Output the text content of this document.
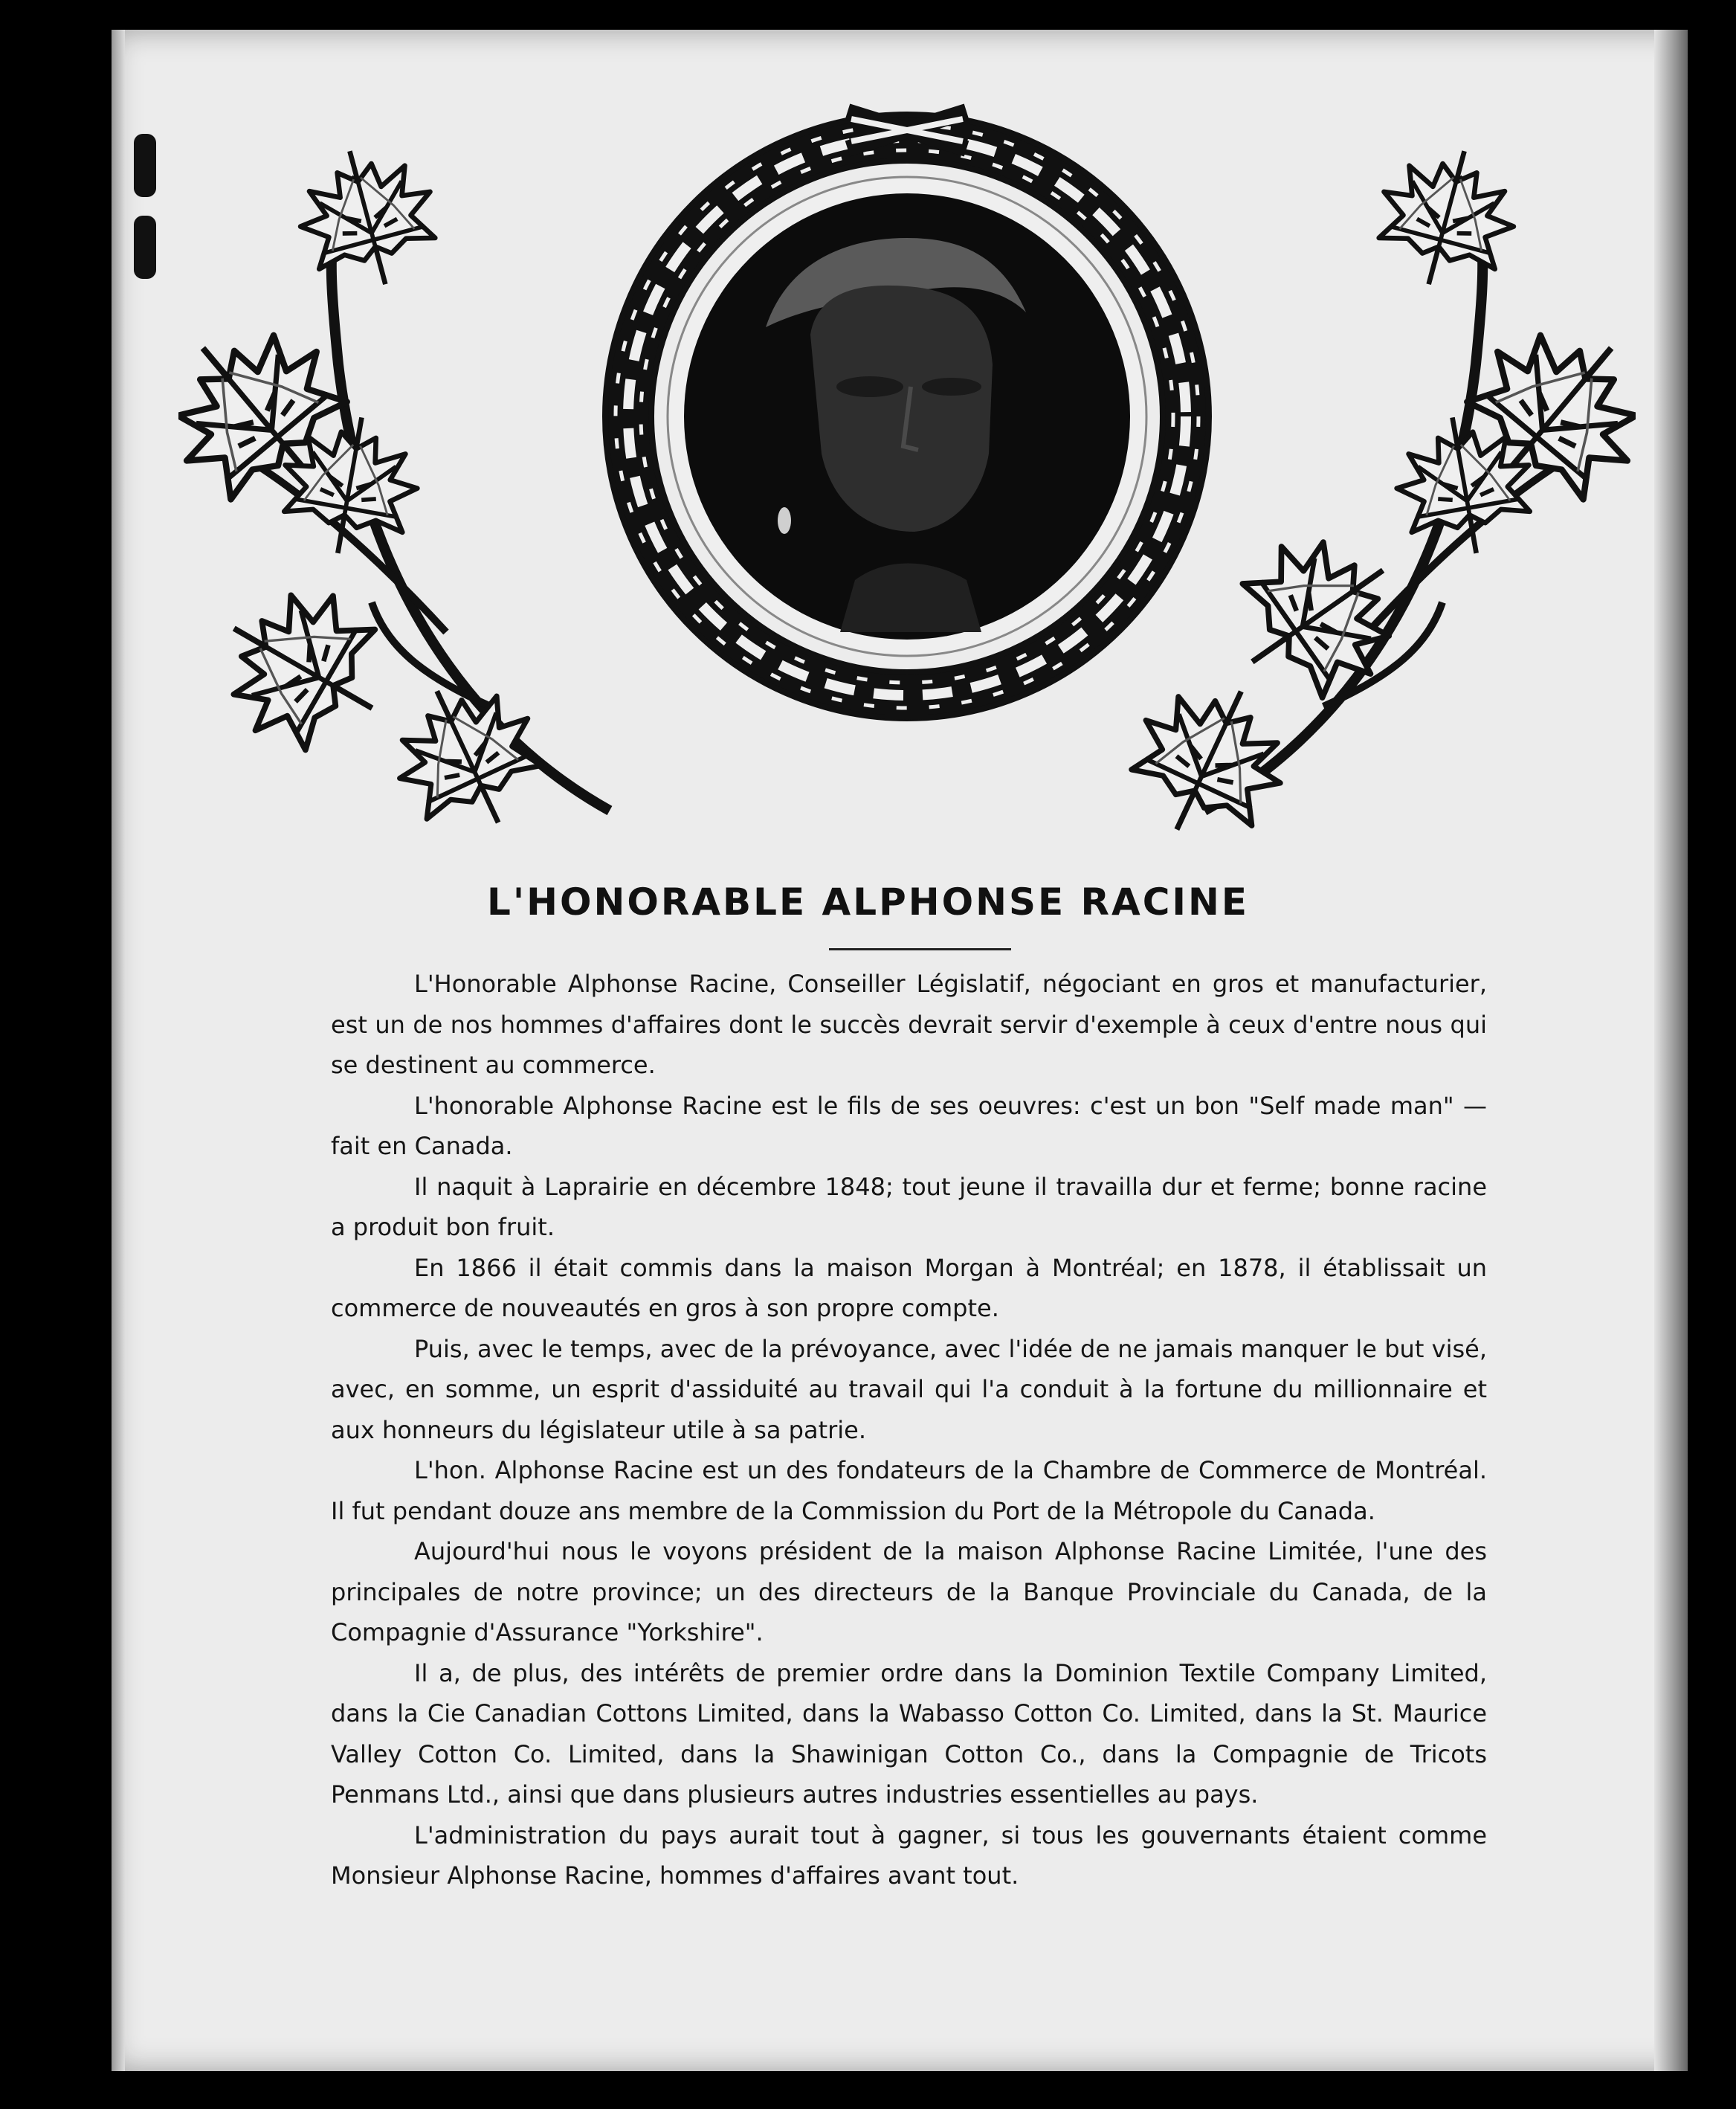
L'HONORABLE ALPHONSE RACINE

L'Honorable Alphonse Racine, Conseiller Législatif, négociant en gros et manufacturier, est un de nos hommes d'affaires dont le succès devrait servir d'exemple à ceux d'entre nous qui se destinent au commerce.

L'honorable Alphonse Racine est le fils de ses oeuvres: c'est un bon "Self made man" — fait en Canada.

Il naquit à Laprairie en décembre 1848; tout jeune il travailla dur et ferme; bonne racine a produit bon fruit.

En 1866 il était commis dans la maison Morgan à Montréal; en 1878, il établissait un commerce de nouveautés en gros à son propre compte.

Puis, avec le temps, avec de la prévoyance, avec l'idée de ne jamais manquer le but visé, avec, en somme, un esprit d'assiduité au travail qui l'a conduit à la fortune du millionnaire et aux honneurs du législateur utile à sa patrie.

L'hon. Alphonse Racine est un des fondateurs de la Chambre de Commerce de Montréal. Il fut pendant douze ans membre de la Commission du Port de la Métropole du Canada.

Aujourd'hui nous le voyons président de la maison Alphonse Racine Limitée, l'une des principales de notre province; un des directeurs de la Banque Provinciale du Canada, de la Compagnie d'Assurance "Yorkshire".

Il a, de plus, des intérêts de premier ordre dans la Dominion Textile Company Limited, dans la Cie Canadian Cottons Limited, dans la Wabasso Cotton Co. Limited, dans la St. Maurice Valley Cotton Co. Limited, dans la Shawinigan Cotton Co., dans la Compagnie de Tricots Penmans Ltd., ainsi que dans plusieurs autres industries essentielles au pays.

L'administration du pays aurait tout à gagner, si tous les gouvernants étaient comme Monsieur Alphonse Racine, hommes d'affaires avant tout.
